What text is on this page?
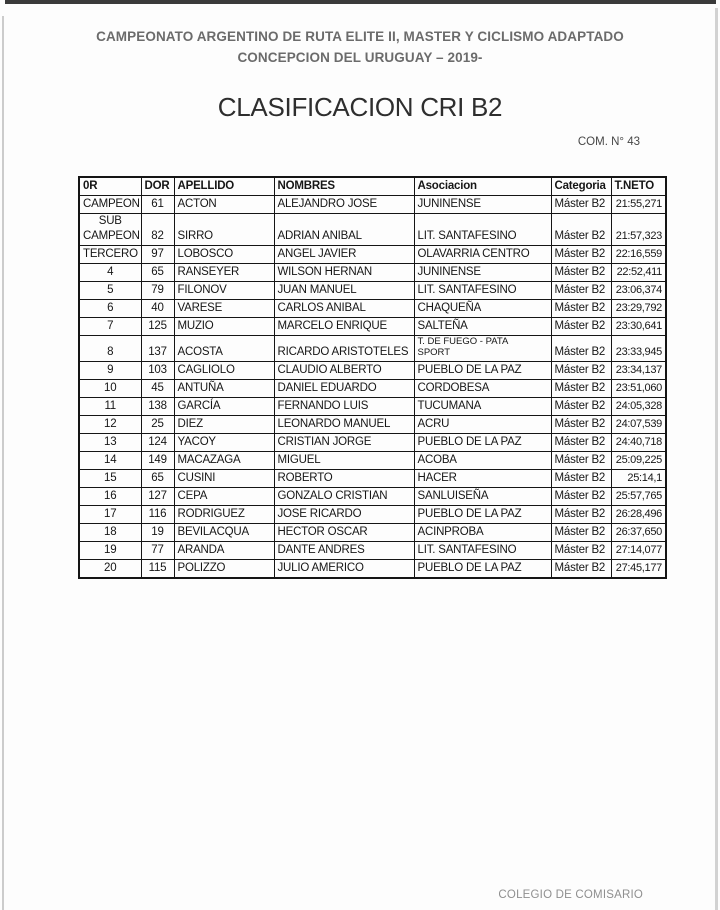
CAMPEONATO ARGENTINO DE RUTA ELITE II, MASTER Y CICLISMO ADAPTADO
CONCEPCION DEL URUGUAY – 2019-
CLASIFICACION CRI B2
COM. N° 43
0R	DOR	APELLIDO	NOMBRES	Asociacion	Categoria	T.NETO
CAMPEON	61	ACTON	ALEJANDRO JOSE	JUNINENSE	Máster B2	21:55,271
SUB CAMPEON	82	SIRRO	ADRIAN ANIBAL	LIT. SANTAFESINO	Máster B2	21:57,323
TERCERO	97	LOBOSCO	ANGEL JAVIER	OLAVARRIA CENTRO	Máster B2	22:16,559
4	65	RANSEYER	WILSON HERNAN	JUNINENSE	Máster B2	22:52,411
5	79	FILONOV	JUAN MANUEL	LIT. SANTAFESINO	Máster B2	23:06,374
6	40	VARESE	CARLOS ANIBAL	CHAQUEÑA	Máster B2	23:29,792
7	125	MUZIO	MARCELO ENRIQUE	SALTEÑA	Máster B2	23:30,641
8	137	ACOSTA	RICARDO ARISTOTELES	T. DE FUEGO - PATA SPORT	Máster B2	23:33,945
9	103	CAGLIOLO	CLAUDIO ALBERTO	PUEBLO DE LA PAZ	Máster B2	23:34,137
10	45	ANTUÑA	DANIEL EDUARDO	CORDOBESA	Máster B2	23:51,060
11	138	GARCÍA	FERNANDO LUIS	TUCUMANA	Máster B2	24:05,328
12	25	DIEZ	LEONARDO MANUEL	ACRU	Máster B2	24:07,539
13	124	YACOY	CRISTIAN JORGE	PUEBLO DE LA PAZ	Máster B2	24:40,718
14	149	MACAZAGA	MIGUEL	ACOBA	Máster B2	25:09,225
15	65	CUSINI	ROBERTO	HACER	Máster B2	25:14,1
16	127	CEPA	GONZALO CRISTIAN	SANLUISEÑA	Máster B2	25:57,765
17	116	RODRIGUEZ	JOSE RICARDO	PUEBLO DE LA PAZ	Máster B2	26:28,496
18	19	BEVILACQUA	HECTOR OSCAR	ACINPROBA	Máster B2	26:37,650
19	77	ARANDA	DANTE ANDRES	LIT. SANTAFESINO	Máster B2	27:14,077
20	115	POLIZZO	JULIO AMERICO	PUEBLO DE LA PAZ	Máster B2	27:45,177
COLEGIO DE COMISARIO
